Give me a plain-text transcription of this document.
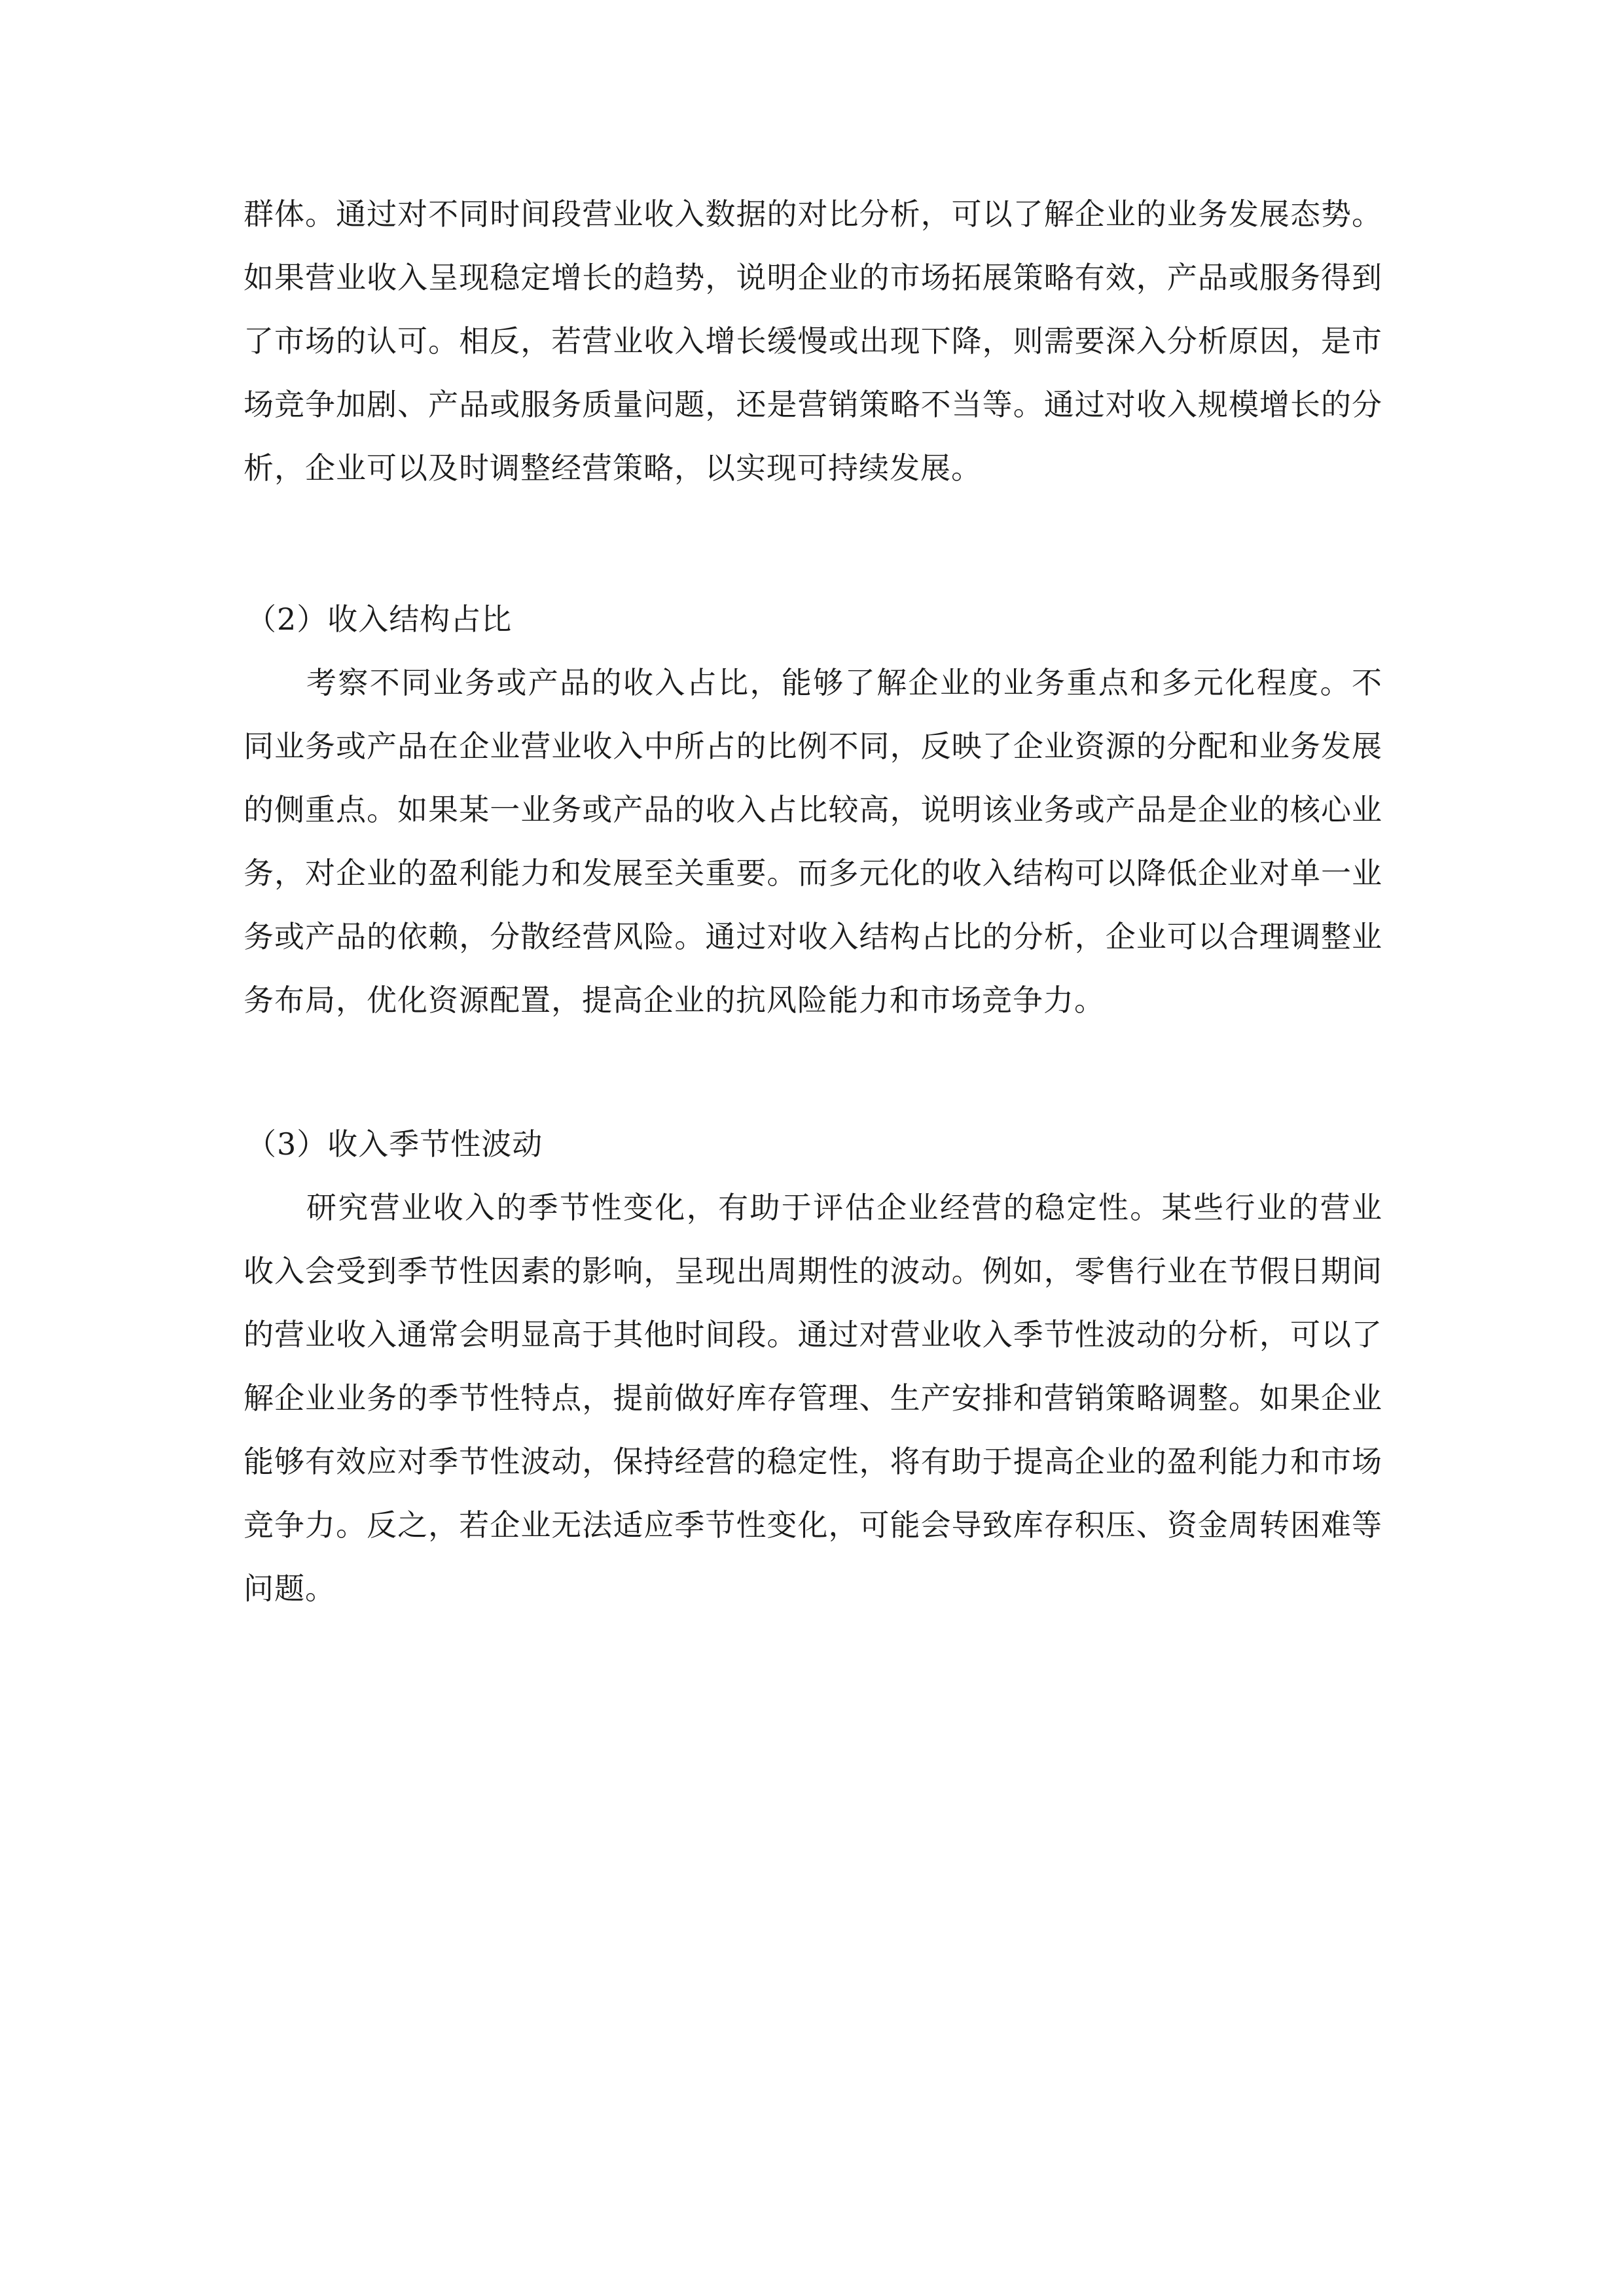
群体。通过对不同时间段营业收入数据的对比分析，可以了解企业的业务发展态势。如果营业收入呈现稳定增长的趋势，说明企业的市场拓展策略有效，产品或服务得到了市场的认可。相反，若营业收入增长缓慢或出现下降，则需要深入分析原因，是市场竞争加剧、产品或服务质量问题，还是营销策略不当等。通过对收入规模增长的分析，企业可以及时调整经营策略，以实现可持续发展。

（2）收入结构占比

考察不同业务或产品的收入占比，能够了解企业的业务重点和多元化程度。不同业务或产品在企业营业收入中所占的比例不同，反映了企业资源的分配和业务发展的侧重点。如果某一业务或产品的收入占比较高，说明该业务或产品是企业的核心业务，对企业的盈利能力和发展至关重要。而多元化的收入结构可以降低企业对单一业务或产品的依赖，分散经营风险。通过对收入结构占比的分析，企业可以合理调整业务布局，优化资源配置，提高企业的抗风险能力和市场竞争力。

（3）收入季节性波动

研究营业收入的季节性变化，有助于评估企业经营的稳定性。某些行业的营业收入会受到季节性因素的影响，呈现出周期性的波动。例如，零售行业在节假日期间的营业收入通常会明显高于其他时间段。通过对营业收入季节性波动的分析，可以了解企业业务的季节性特点，提前做好库存管理、生产安排和营销策略调整。如果企业能够有效应对季节性波动，保持经营的稳定性，将有助于提高企业的盈利能力和市场竞争力。反之，若企业无法适应季节性变化，可能会导致库存积压、资金周转困难等问题。
